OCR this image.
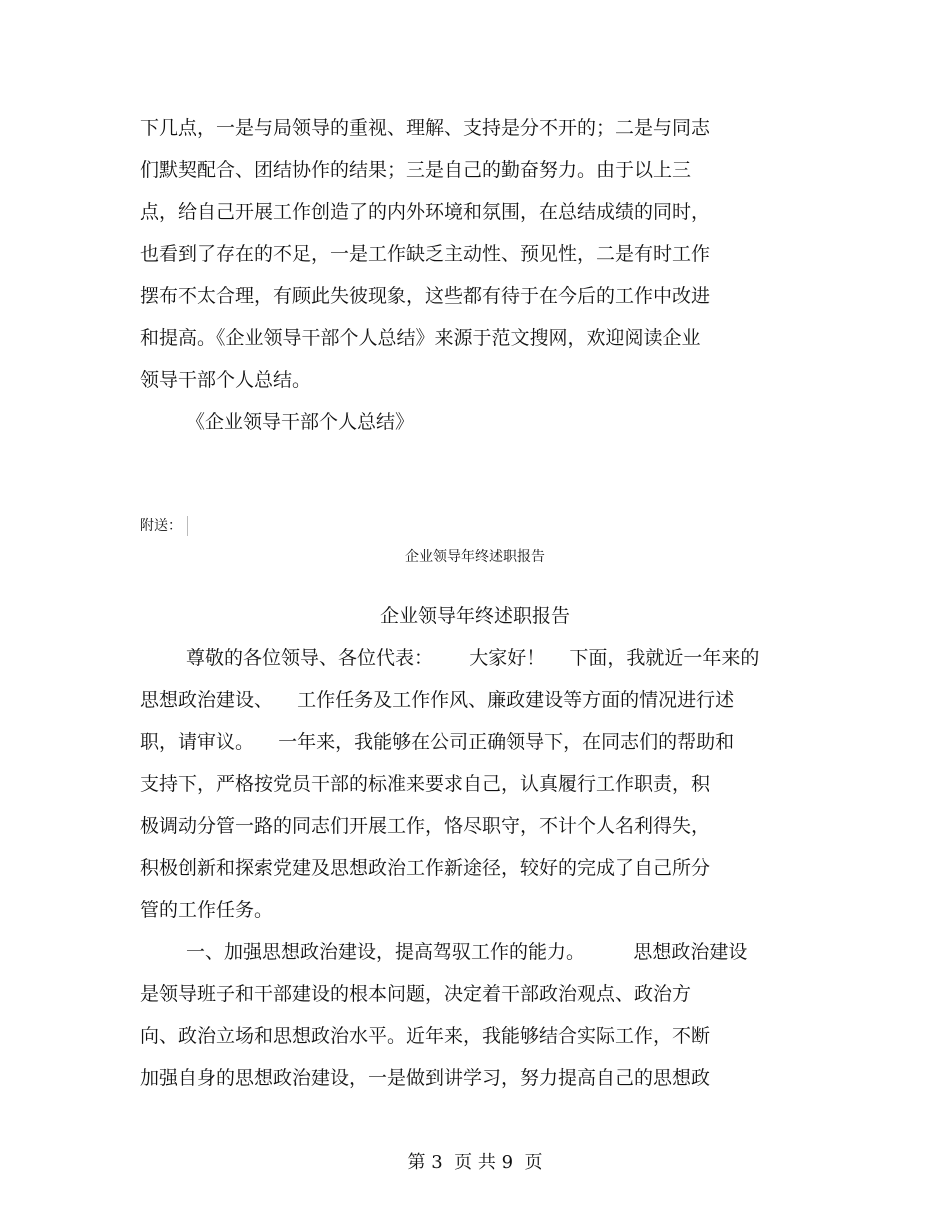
下几点，一是与局领导的重视、理解、支持是分不开的；二是与同志
们默契配合、团结协作的结果；三是自己的勤奋努力。由于以上三
点，给自己开展工作创造了的内外环境和氛围，在总结成绩的同时，
也看到了存在的不足，一是工作缺乏主动性、预见性，二是有时工作
摆布不太合理，有顾此失彼现象，这些都有待于在今后的工作中改进
和提高。《企业领导干部个人总结》来源于范文搜网，欢迎阅读企业
领导干部个人总结。
《企业领导干部个人总结》
附送：
企业领导年终述职报告
企业领导年终述职报告
尊敬的各位领导、各位代表：      大家好！    下面，我就近一年来的
思想政治建设、    工作任务及工作作风、廉政建设等方面的情况进行述
职，请审议。    一年来，我能够在公司正确领导下，在同志们的帮助和
支持下，严格按党员干部的标准来要求自己，认真履行工作职责，积
极调动分管一路的同志们开展工作，恪尽职守，不计个人名利得失，
积极创新和探索党建及思想政治工作新途径，较好的完成了自己所分
管的工作任务。
一、加强思想政治建设，提高驾驭工作的能力。        思想政治建设
是领导班子和干部建设的根本问题，决定着干部政治观点、政治方
向、政治立场和思想政治水平。近年来，我能够结合实际工作，不断
加强自身的思想政治建设，一是做到讲学习，努力提高自己的思想政
第 3  页 共 9  页
